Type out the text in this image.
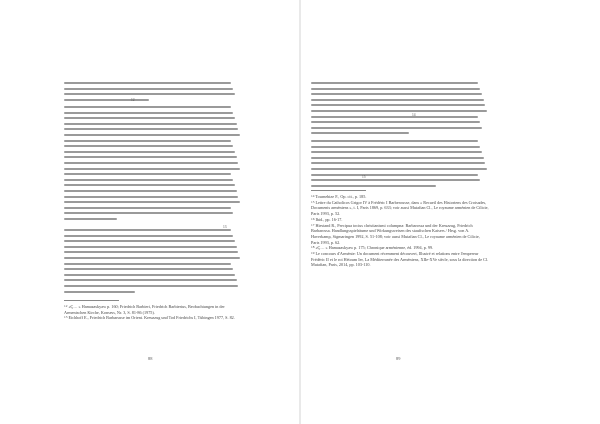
12
13

$^{12}$ «Ç… » Hamazaskyaw p. 160; Friedrich Barbieri, Friedrich Barbierius, Beobachtungen in der Armenischen Kirche, Konsess, Nr. 3, S. 81-86 (1975).

$^{13}$ Eichhoff E., Friedrich Barbarusse im Orient. Kreuzzug und Tod Friedrichs I, Tübingen 1977, S. 82.

88
14
15

$^{14}$ Tournebize F., Op. cit., p. 185.

$^{15}$ Lettre du Catholicos Grigor IV à Frédéric I Barberousse, dans « Recueil des Historiens des Croisades, Documents arméniens », t. I, Paris 1869, p. 633; voir aussi Mutafian Cl., Le royaume arménien de Cilicie, Paris 1993, p. 52.

$^{16}$ Ibid., pp. 16-17.

$^{17}$ Hiestand R., Precipua tocius christianismi columpna: Barbarossa und der Kreuzzug, Friedrich Barbarossa. Handlungsspielräume und Wirkungsweisen des staufischen Kaisers / Hrsg. von A. Haverkamp, Sigmaringen 1992, S. 51-108; voir aussi Mutafian Cl., Le royaume arménien de Cilicie, Paris 1993, p. 62.

$^{18}$ «Ç… » Hamazaskyaw p. 175; Chronique arménienne, éd. 1994, p. 99.

$^{19}$ Le concours d'Arménie: Un document récemment découvert, Illustré et relations entre l'empereur Frédéric II et le roi Hétoum Ier, La Méditerranée des Arméniens, XIIe-XVe siècle, sous la direction de Cl. Mutafian, Paris, 2014, pp. 103-110.

89
